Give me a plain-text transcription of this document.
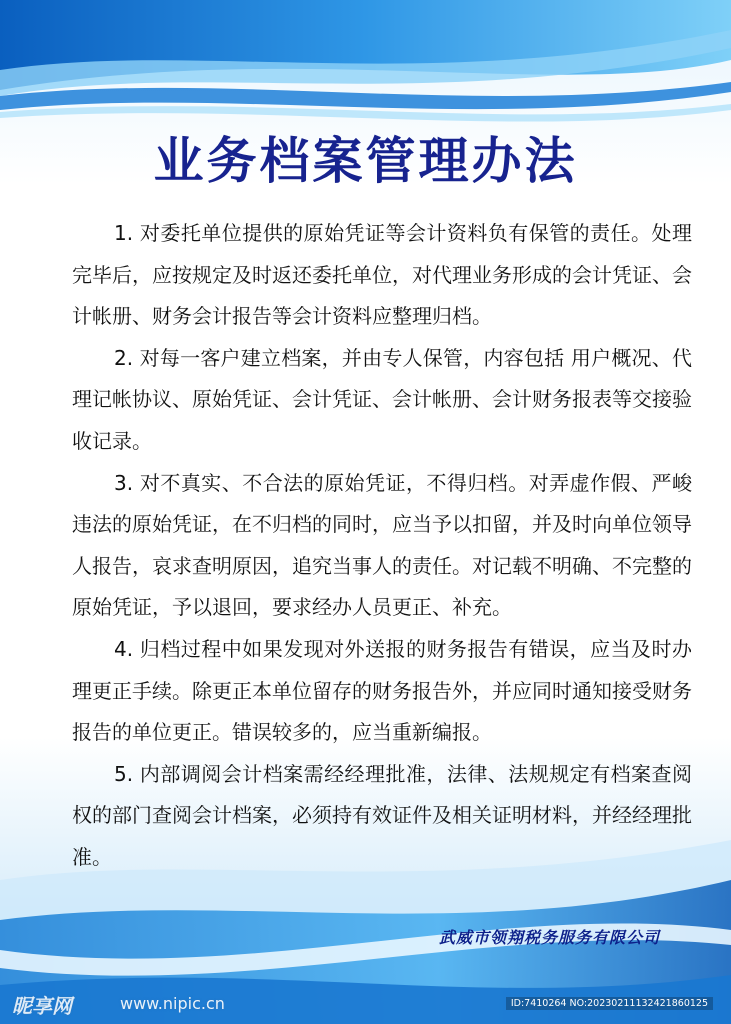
业务档案管理办法

1. 对委托单位提供的原始凭证等会计资料负有保管的责任。处理完毕后，应按规定及时返还委托单位，对代理业务形成的会计凭证、会计帐册、财务会计报告等会计资料应整理归档。

2. 对每一客户建立档案，并由专人保管，内容包括 用户概况、代理记帐协议、原始凭证、会计凭证、会计帐册、会计财务报表等交接验收记录。

3. 对不真实、不合法的原始凭证，不得归档。对弄虚作假、严峻违法的原始凭证，在不归档的同时，应当予以扣留，并及时向单位领导人报告，哀求查明原因，追究当事人的责任。对记载不明确、不完整的原始凭证，予以退回，要求经办人员更正、补充。

4. 归档过程中如果发现对外送报的财务报告有错误，应当及时办理更正手续。除更正本单位留存的财务报告外，并应同时通知接受财务报告的单位更正。错误较多的，应当重新编报。

5. 内部调阅会计档案需经经理批准，法律、法规规定有档案查阅权的部门查阅会计档案，必须持有效证件及相关证明材料，并经经理批准。

武威市领翔税务服务有限公司
昵享网	www.nipic.cn	ID:7410264 NO:20230211132421860125
